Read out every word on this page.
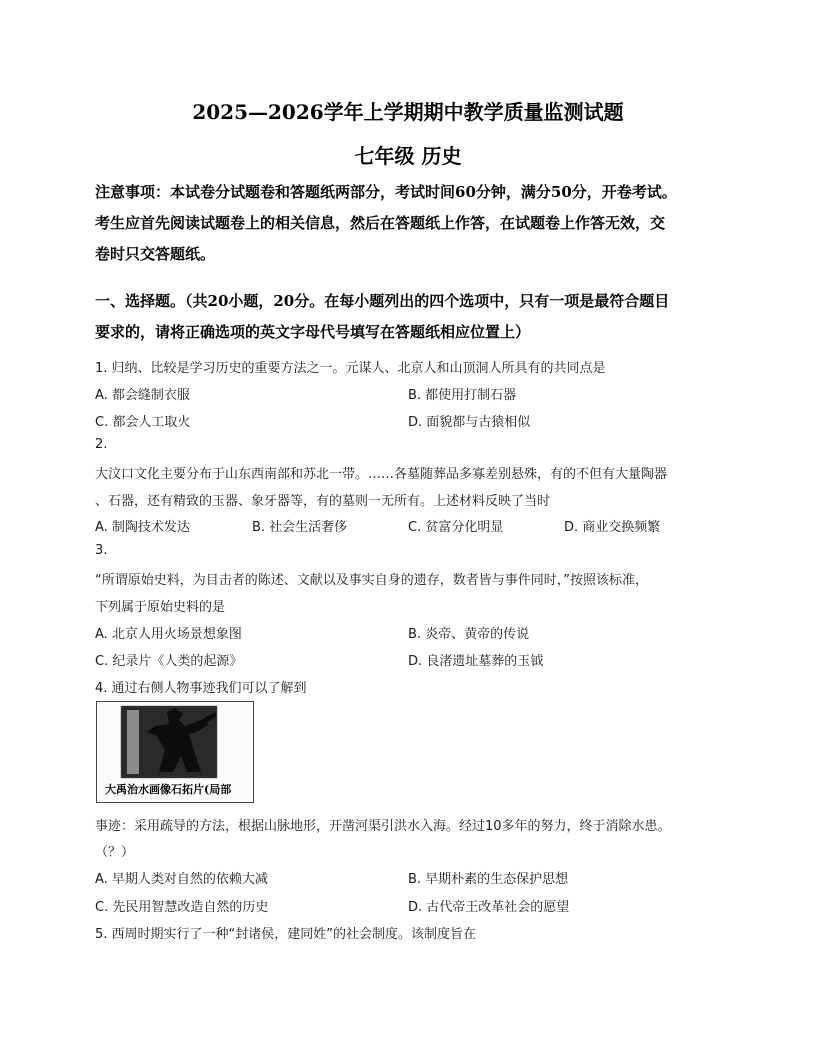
2025—2026学年上学期期中教学质量监测试题
七年级 历史
注意事项：本试卷分试题卷和答题纸两部分，考试时间60分钟，满分50分，开卷考试。
考生应首先阅读试题卷上的相关信息，然后在答题纸上作答，在试题卷上作答无效，交
卷时只交答题纸。
一、选择题。（共20小题，20分。在每小题列出的四个选项中，只有一项是最符合题目
要求的，请将正确选项的英文字母代号填写在答题纸相应位置上）
1. 归纳、比较是学习历史的重要方法之一。元谋人、北京人和山顶洞人所具有的共同点是
A. 都会缝制衣服	B. 都使用打制石器
C. 都会人工取火	D. 面貌都与古猿相似
2.
大汶口文化主要分布于山东西南部和苏北一带。……各墓随葬品多寡差别悬殊，有的不但有大量陶器
、石器，还有精致的玉器、象牙器等，有的墓则一无所有。上述材料反映了当时
A. 制陶技术发达	B. 社会生活奢侈	C. 贫富分化明显	D. 商业交换频繁
3.
“所谓原始史料，为目击者的陈述、文献以及事实自身的遗存，数者皆与事件同时，”按照该标准，
下列属于原始史料的是
A. 北京人用火场景想象图	B. 炎帝、黄帝的传说
C. 纪录片《人类的起源》	D. 良渚遗址墓葬的玉钺
4. 通过右侧人物事迹我们可以了解到
大禹治水画像石拓片(局部
事迹：采用疏导的方法，根据山脉地形，开凿河渠引洪水入海。经过10多年的努力，终于消除水患。
（？）
A. 早期人类对自然的依赖大减	B. 早期朴素的生态保护思想
C. 先民用智慧改造自然的历史	D. 古代帝王改革社会的愿望
5. 西周时期实行了一种“封诸侯，建同姓”的社会制度。该制度旨在
